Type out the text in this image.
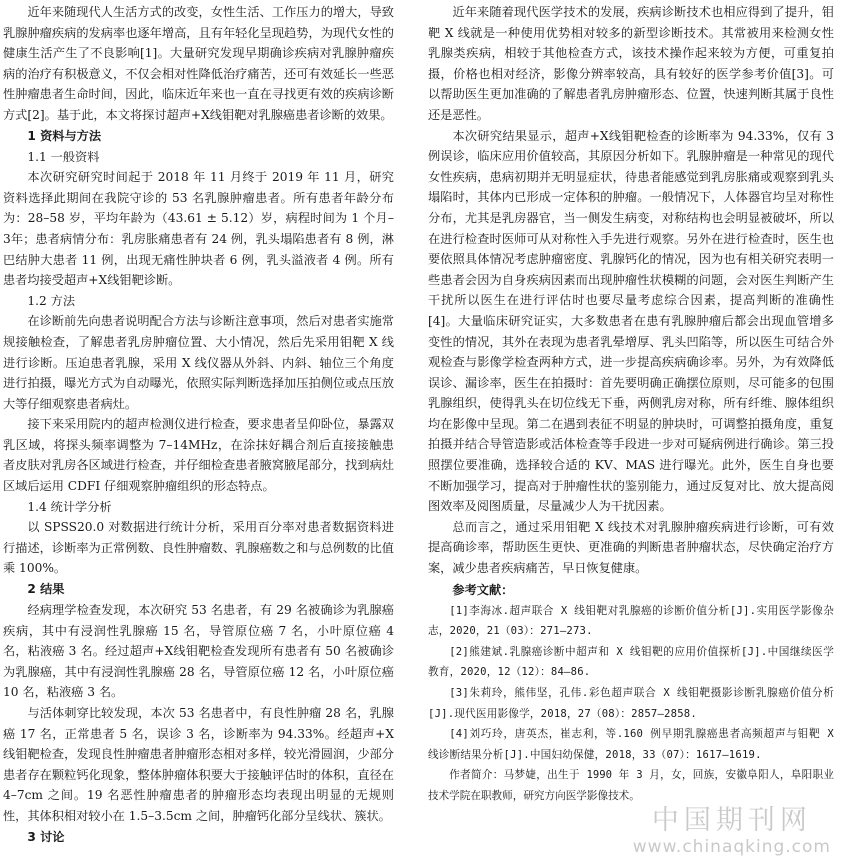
近年来随现代人生活方式的改变，女性生活、工作压力的增大，导致乳腺肿瘤疾病的发病率也逐年增高，且有年轻化呈现趋势，为现代女性的健康生活产生了不良影响[1]。大量研究发现早期确诊疾病对乳腺肿瘤疾病的治疗有积极意义，不仅会相对性降低治疗痛苦，还可有效延长一些恶性肿瘤患者生命时间，因此，临床近年来也一直在寻找更有效的疾病诊断方式[2]。基于此，本文将探讨超声+X线钼靶对乳腺癌患者诊断的效果。

1 资料与方法

1.1 一般资料

本次研究研究时间起于 2018 年 11 月终于 2019 年 11 月，研究资料选择此期间在我院守诊的 53 名乳腺肿瘤患者。所有患者年龄分布为：28–58 岁，平均年龄为（43.61 ± 5.12）岁，病程时间为 1 个月–3年；患者病情分布：乳房胀痛患者有 24 例，乳头塌陷患者有 8 例，淋巴结肿大患者 11 例，出现无痛性肿块者 6 例，乳头溢液者 4 例。所有患者均接受超声+X线钼靶诊断。

1.2 方法

在诊断前先向患者说明配合方法与诊断注意事项，然后对患者实施常规接触检查，了解患者乳房肿瘤位置、大小情况，然后先采用钼靶 X 线进行诊断。压迫患者乳腺，采用 X 线仪器从外斜、内斜、轴位三个角度进行拍摄，曝光方式为自动曝光，依照实际判断选择加压拍侧位或点压放大等仔细观察患者病灶。

接下来采用院内的超声检测仪进行检查，要求患者呈仰卧位，暴露双乳区域，将探头频率调整为 7–14MHz，在涂抹好耦合剂后直接接触患者皮肤对乳房各区域进行检查，并仔细检查患者腋窝腋尾部分，找到病灶区域后运用 CDFI 仔细观察肿瘤组织的形态特点。

1.4 统计学分析

以 SPSS20.0 对数据进行统计分析，采用百分率对患者数据资料进行描述，诊断率为正常例数、良性肿瘤数、乳腺癌数之和与总例数的比值乘 100%。

2 结果

经病理学检查发现，本次研究 53 名患者，有 29 名被确诊为乳腺癌疾病，其中有浸润性乳腺癌 15 名，导管原位癌 7 名，小叶原位癌 4 名，粘液癌 3 名。经过超声+X线钼靶检查发现所有患者有 50 名被确诊为乳腺癌，其中有浸润性乳腺癌 28 名，导管原位癌 12 名，小叶原位癌 10 名，粘液癌 3 名。

与活体刺穿比较发现，本次 53 名患者中，有良性肿瘤 28 名，乳腺癌 17 名，正常患者 5 名，误诊 3 名，诊断率为 94.33%。经超声+X线钼靶检查，发现良性肿瘤患者肿瘤形态相对多样，较光滑圆润，少部分患者存在颗粒钙化现象，整体肿瘤体积要大于接触评估时的体积，直径在 4–7cm 之间。19 名恶性肿瘤患者的肿瘤形态均表现出明显的无规则性，其体积相对较小在 1.5–3.5cm 之间，肿瘤钙化部分呈线状、簇状。

3 讨论

近年来随着现代医学技术的发展，疾病诊断技术也相应得到了提升，钼靶 X 线就是一种使用优势相对较多的新型诊断技术。其常被用来检测女性乳腺类疾病，相较于其他检查方式，该技术操作起来较为方便，可重复拍摄，价格也相对经济，影像分辨率较高，具有较好的医学参考价值[3]。可以帮助医生更加准确的了解患者乳房肿瘤形态、位置，快速判断其属于良性还是恶性。

本次研究结果显示，超声+X线钼靶检查的诊断率为 94.33%，仅有 3 例误诊，临床应用价值较高，其原因分析如下。乳腺肿瘤是一种常见的现代女性疾病，患病初期并无明显症状，待患者能感觉到乳房胀痛或观察到乳头塌陷时，其体内已形成一定体积的肿瘤。一般情况下，人体器官均呈对称性分布，尤其是乳房器官，当一侧发生病变，对称结构也会明显被破坏，所以在进行检查时医师可从对称性入手先进行观察。另外在进行检查时，医生也要依照具体情况考虑肿瘤密度、乳腺钙化的情况，因为也有相关研究表明一些患者会因为自身疾病因素而出现肿瘤性状模糊的问题，会对医生判断产生干扰所以医生在进行评估时也要尽量考虑综合因素，提高判断的准确性[4]。大量临床研究证实，大多数患者在患有乳腺肿瘤后都会出现血管增多变性的情况，其外在表现为患者乳晕增厚、乳头凹陷等，所以医生可结合外观检查与影像学检查两种方式，进一步提高疾病确诊率。另外，为有效降低误诊、漏诊率，医生在拍摄时：首先要明确正确摆位原则，尽可能多的包围乳腺组织，使得乳头在切位线无下垂，两侧乳房对称，所有纤维、腺体组织均在影像中呈现。第二在遇到表征不明显的肿块时，可调整拍摄角度，重复拍摄并结合导管造影或活体检查等手段进一步对可疑病例进行确诊。第三投照摆位要准确，选择较合适的 KV、MAS 进行曝光。此外，医生自身也要不断加强学习，提高对于肿瘤性状的鉴别能力，通过反复对比、放大提高阅图效率及阅图质量，尽量减少人为干扰因素。

总而言之，通过采用钼靶 X 线技术对乳腺肿瘤疾病进行诊断，可有效提高确诊率，帮助医生更快、更准确的判断患者肿瘤状态，尽快确定治疗方案，减少患者疾病痛苦，早日恢复健康。

参考文献：

[1]李海冰.超声联合 X 线钼靶对乳腺癌的诊断价值分析[J].实用医学影像杂志，2020，21（03）：271–273.

[2]熊建斌.乳腺癌诊断中超声和 X 线钼靶的应用价值探析[J].中国继续医学教育，2020，12（12）：84–86.

[3]朱莉玲，熊伟坚，孔伟.彩色超声联合 X 线钼靶摄影诊断乳腺癌价值分析[J].现代医用影像学，2018，27（08）：2857–2858.

[4]刘巧玲，唐英杰，崔志利，等.160 例早期乳腺癌患者高频超声与钼靶 X 线诊断结果分析[J].中国妇幼保健，2018，33（07）：1617–1619.

作者简介：马梦婕，出生于 1990 年 3 月，女，回族，安徽阜阳人，阜阳职业技术学院在职教师，研究方向医学影像技术。

中国期刊网
www.chinaqking.com
